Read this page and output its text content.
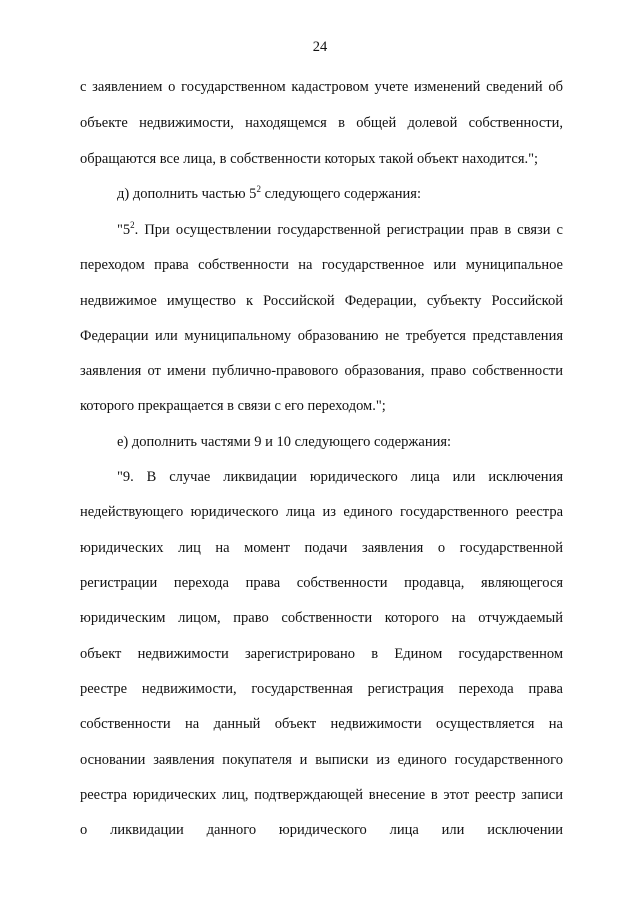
24
с заявлением о государственном кадастровом учете изменений сведений об
объекте недвижимости, находящемся в общей долевой собственности,
обращаются все лица, в собственности которых такой объект находится.";
д) дополнить частью $5^2$ следующего содержания:
"$5^2$. При осуществлении государственной регистрации прав в связи с
переходом права собственности на государственное или муниципальное
недвижимое имущество к Российской Федерации, субъекту Российской
Федерации или муниципальному образованию не требуется представления
заявления от имени публично-правового образования, право собственности
которого прекращается в связи с его переходом.";
е) дополнить частями 9 и 10 следующего содержания:
"9. В случае ликвидации юридического лица или исключения
недействующего юридического лица из единого государственного реестра
юридических лиц на момент подачи заявления о государственной
регистрации перехода права собственности продавца, являющегося
юридическим лицом, право собственности которого на отчуждаемый
объект недвижимости зарегистрировано в Едином государственном
реестре недвижимости, государственная регистрация перехода права
собственности на данный объект недвижимости осуществляется на
основании заявления покупателя и выписки из единого государственного
реестра юридических лиц, подтверждающей внесение в этот реестр записи
о ликвидации данного юридического лица или исключении
